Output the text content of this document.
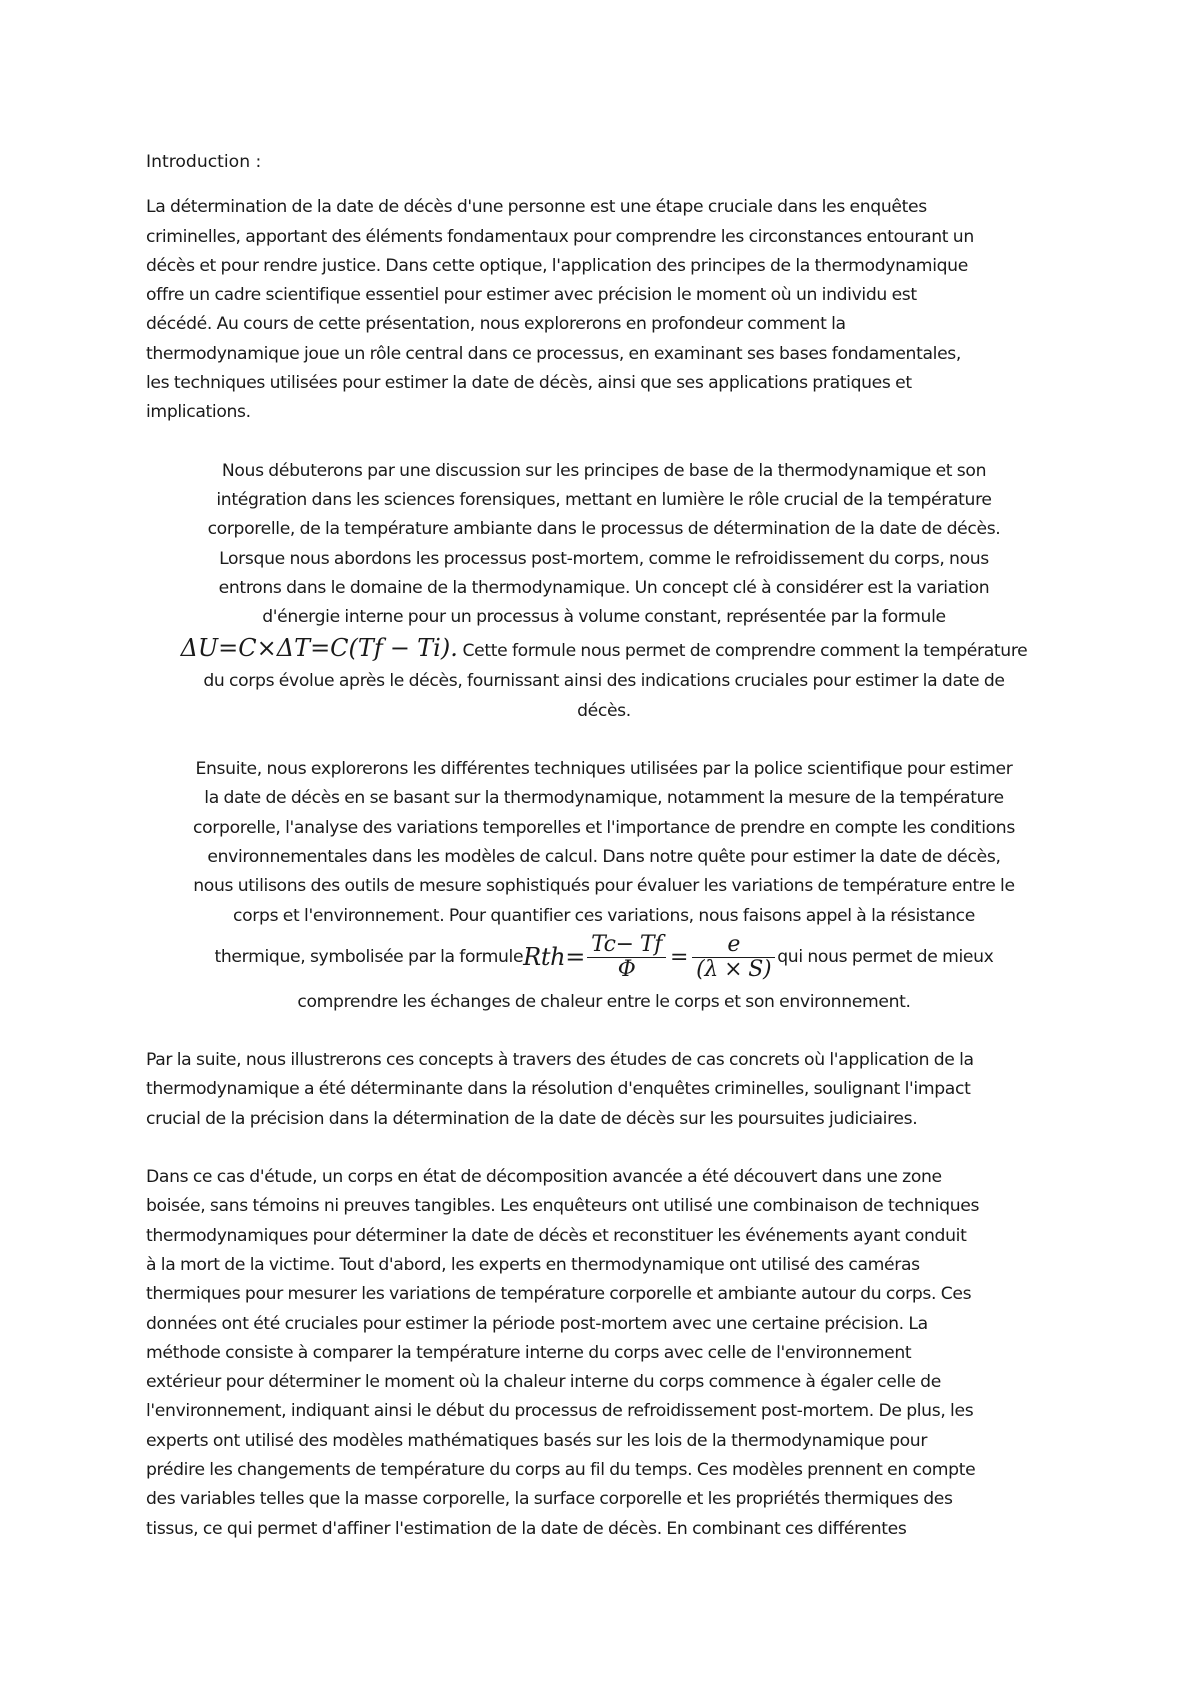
Introduction :
La détermination de la date de décès d'une personne est une étape cruciale dans les enquêtes
criminelles, apportant des éléments fondamentaux pour comprendre les circonstances entourant un
décès et pour rendre justice. Dans cette optique, l'application des principes de la thermodynamique
offre un cadre scientifique essentiel pour estimer avec précision le moment où un individu est
décédé. Au cours de cette présentation, nous explorerons en profondeur comment la
thermodynamique joue un rôle central dans ce processus, en examinant ses bases fondamentales,
les techniques utilisées pour estimer la date de décès, ainsi que ses applications pratiques et
implications.
Nous débuterons par une discussion sur les principes de base de la thermodynamique et son
intégration dans les sciences forensiques, mettant en lumière le rôle crucial de la température
corporelle, de la température ambiante dans le processus de détermination de la date de décès.
Lorsque nous abordons les processus post-mortem, comme le refroidissement du corps, nous
entrons dans le domaine de la thermodynamique. Un concept clé à considérer est la variation
d'énergie interne pour un processus à volume constant, représentée par la formule
ΔU=C×ΔT=C(Tf − Ti). Cette formule nous permet de comprendre comment la température
du corps évolue après le décès, fournissant ainsi des indications cruciales pour estimer la date de
décès.
Ensuite, nous explorerons les différentes techniques utilisées par la police scientifique pour estimer
la date de décès en se basant sur la thermodynamique, notamment la mesure de la température
corporelle, l'analyse des variations temporelles et l'importance de prendre en compte les conditions
environnementales dans les modèles de calcul. Dans notre quête pour estimer la date de décès,
nous utilisons des outils de mesure sophistiqués pour évaluer les variations de température entre le
corps et l'environnement. Pour quantifier ces variations, nous faisons appel à la résistance
thermique, symbolisée par la formule $Rth= \frac{Tc- Tf}{\Phi} = \frac{e}{(\lambda \times S)}$ qui nous permet de mieux
comprendre les échanges de chaleur entre le corps et son environnement.
Par la suite, nous illustrerons ces concepts à travers des études de cas concrets où l'application de la
thermodynamique a été déterminante dans la résolution d'enquêtes criminelles, soulignant l'impact
crucial de la précision dans la détermination de la date de décès sur les poursuites judiciaires.
Dans ce cas d'étude, un corps en état de décomposition avancée a été découvert dans une zone
boisée, sans témoins ni preuves tangibles. Les enquêteurs ont utilisé une combinaison de techniques
thermodynamiques pour déterminer la date de décès et reconstituer les événements ayant conduit
à la mort de la victime. Tout d'abord, les experts en thermodynamique ont utilisé des caméras
thermiques pour mesurer les variations de température corporelle et ambiante autour du corps. Ces
données ont été cruciales pour estimer la période post-mortem avec une certaine précision. La
méthode consiste à comparer la température interne du corps avec celle de l'environnement
extérieur pour déterminer le moment où la chaleur interne du corps commence à égaler celle de
l'environnement, indiquant ainsi le début du processus de refroidissement post-mortem. De plus, les
experts ont utilisé des modèles mathématiques basés sur les lois de la thermodynamique pour
prédire les changements de température du corps au fil du temps. Ces modèles prennent en compte
des variables telles que la masse corporelle, la surface corporelle et les propriétés thermiques des
tissus, ce qui permet d'affiner l'estimation de la date de décès. En combinant ces différentes
